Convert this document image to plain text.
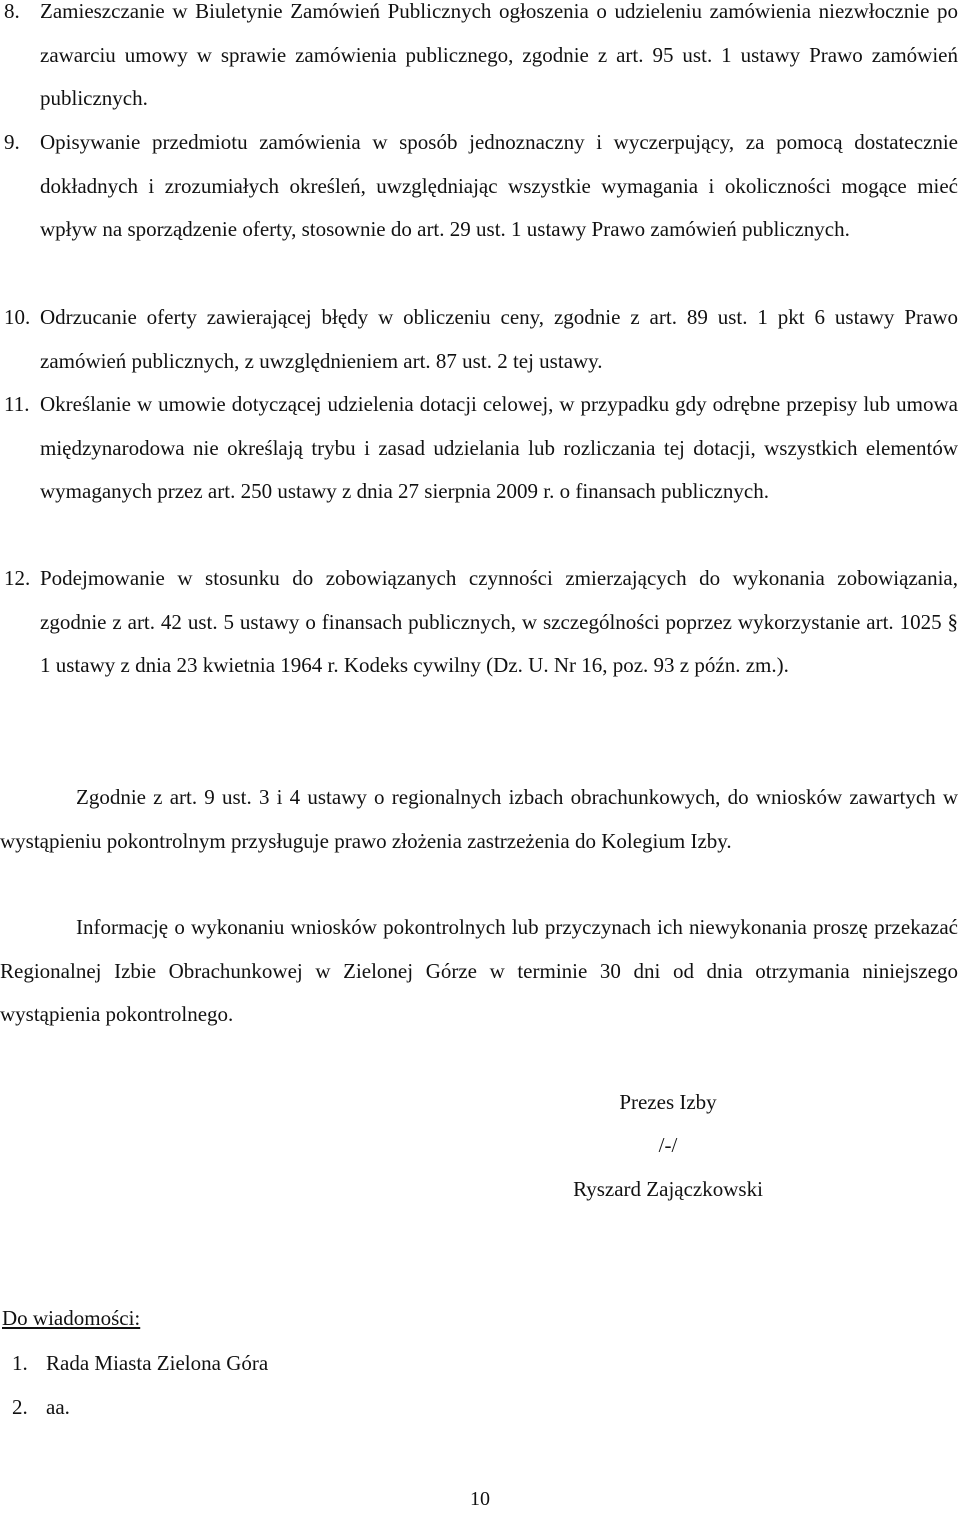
8. Zamieszczanie w Biuletynie Zamówień Publicznych ogłoszenia o udzieleniu zamówienia niezwłocznie po zawarciu umowy w sprawie zamówienia publicznego, zgodnie z art. 95 ust. 1 ustawy Prawo zamówień publicznych.
9. Opisywanie przedmiotu zamówienia w sposób jednoznaczny i wyczerpujący, za pomocą dostatecznie dokładnych i zrozumiałych określeń, uwzględniając wszystkie wymagania i okoliczności mogące mieć wpływ na sporządzenie oferty, stosownie do art. 29 ust. 1 ustawy Prawo zamówień publicznych.
10. Odrzucanie oferty zawierającej błędy w obliczeniu ceny, zgodnie z art. 89 ust. 1 pkt 6 ustawy Prawo zamówień publicznych, z uwzględnieniem art. 87 ust. 2 tej ustawy.
11. Określanie w umowie dotyczącej udzielenia dotacji celowej, w przypadku gdy odrębne przepisy lub umowa międzynarodowa nie określają trybu i zasad udzielania lub rozliczania tej dotacji, wszystkich elementów wymaganych przez art. 250 ustawy z dnia 27 sierpnia 2009 r. o finansach publicznych.
12. Podejmowanie w stosunku do zobowiązanych czynności zmierzających do wykonania zobowiązania, zgodnie z art. 42 ust. 5 ustawy o finansach publicznych, w szczególności poprzez wykorzystanie art. 1025 § 1 ustawy z dnia 23 kwietnia 1964 r. Kodeks cywilny (Dz. U. Nr 16, poz. 93 z późn. zm.).

Zgodnie z art. 9 ust. 3 i 4 ustawy o regionalnych izbach obrachunkowych, do wniosków zawartych w wystąpieniu pokontrolnym przysługuje prawo złożenia zastrzeżenia do Kolegium Izby.

Informację o wykonaniu wniosków pokontrolnych lub przyczynach ich niewykonania proszę przekazać Regionalnej Izbie Obrachunkowej w Zielonej Górze w terminie 30 dni od dnia otrzymania niniejszego wystąpienia pokontrolnego.

Prezes Izby
/-/
Ryszard Zajączkowski
Do wiadomości:
1. Rada Miasta Zielona Góra
2. aa.
10
